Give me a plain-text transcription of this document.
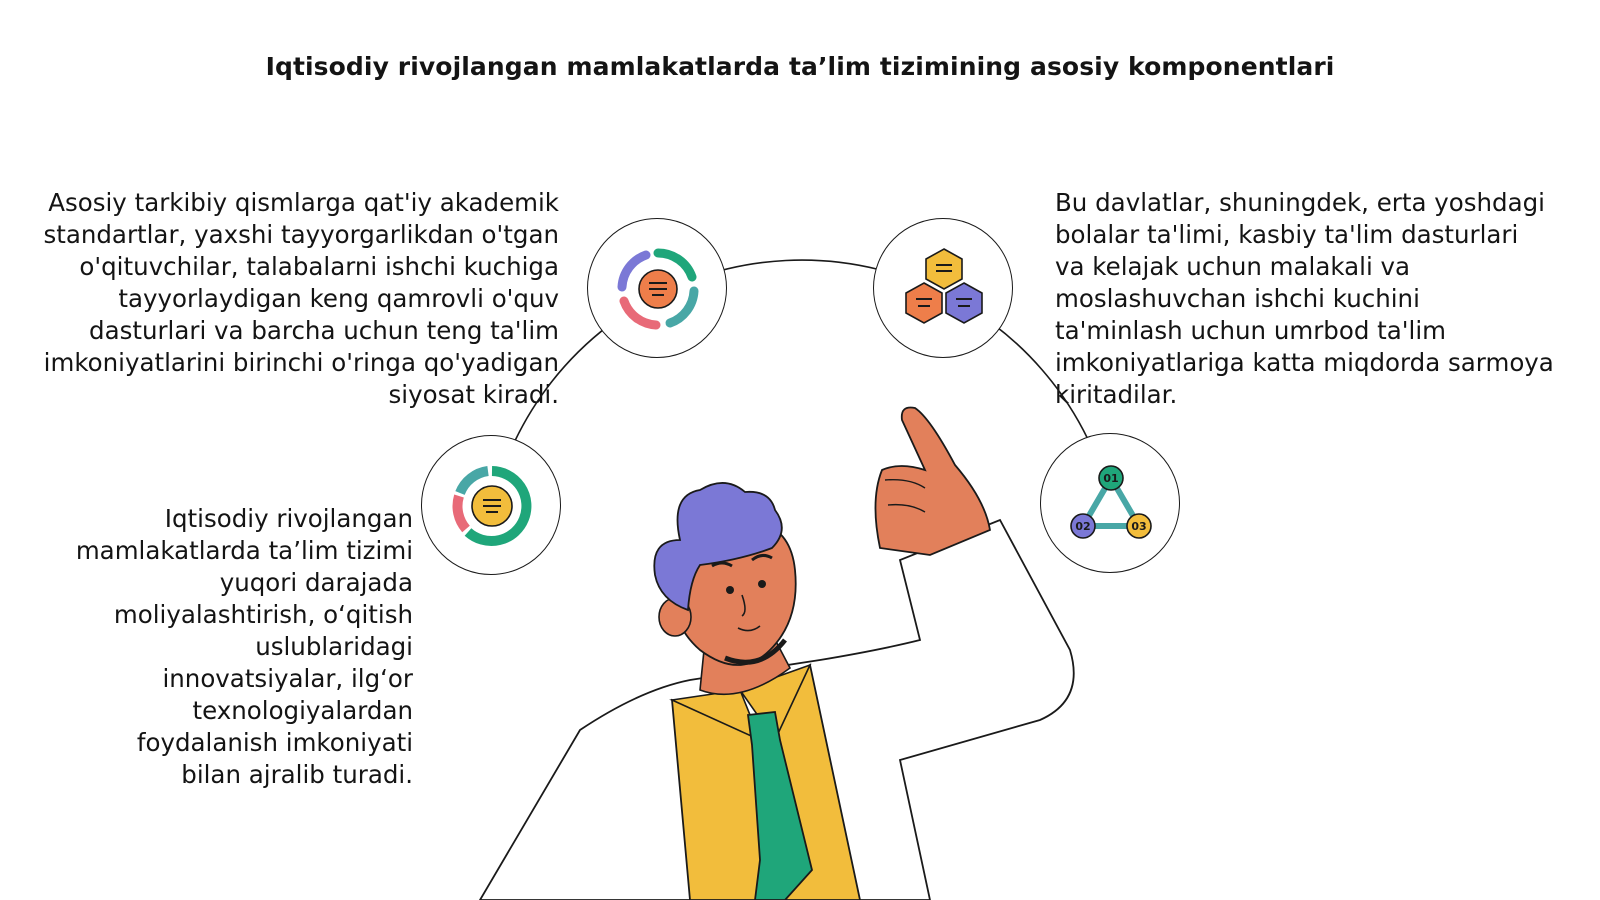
Iqtisodiy rivojlangan mamlakatlarda ta’lim tizimining asosiy komponentlari
Asosiy tarkibiy qismlarga qat'iy akademik standartlar, yaxshi tayyorgarlikdan o'tgan o'qituvchilar, talabalarni ishchi kuchiga tayyorlaydigan keng qamrovli o'quv dasturlari va barcha uchun teng ta'lim imkoniyatlarini birinchi o'ringa qo'yadigan siyosat kiradi.
Iqtisodiy rivojlangan mamlakatlarda ta’lim tizimi yuqori darajada moliyalashtirish, o‘qitish uslublaridagi innovatsiyalar, ilg‘or texnologiyalardan foydalanish imkoniyati bilan ajralib turadi.
Bu davlatlar, shuningdek, erta yoshdagi bolalar ta'limi, kasbiy ta'lim dasturlari va kelajak uchun malakali va moslashuvchan ishchi kuchini ta'minlash uchun umrbod ta'lim imkoniyatlariga katta miqdorda sarmoya kiritadilar.
01
02	03
